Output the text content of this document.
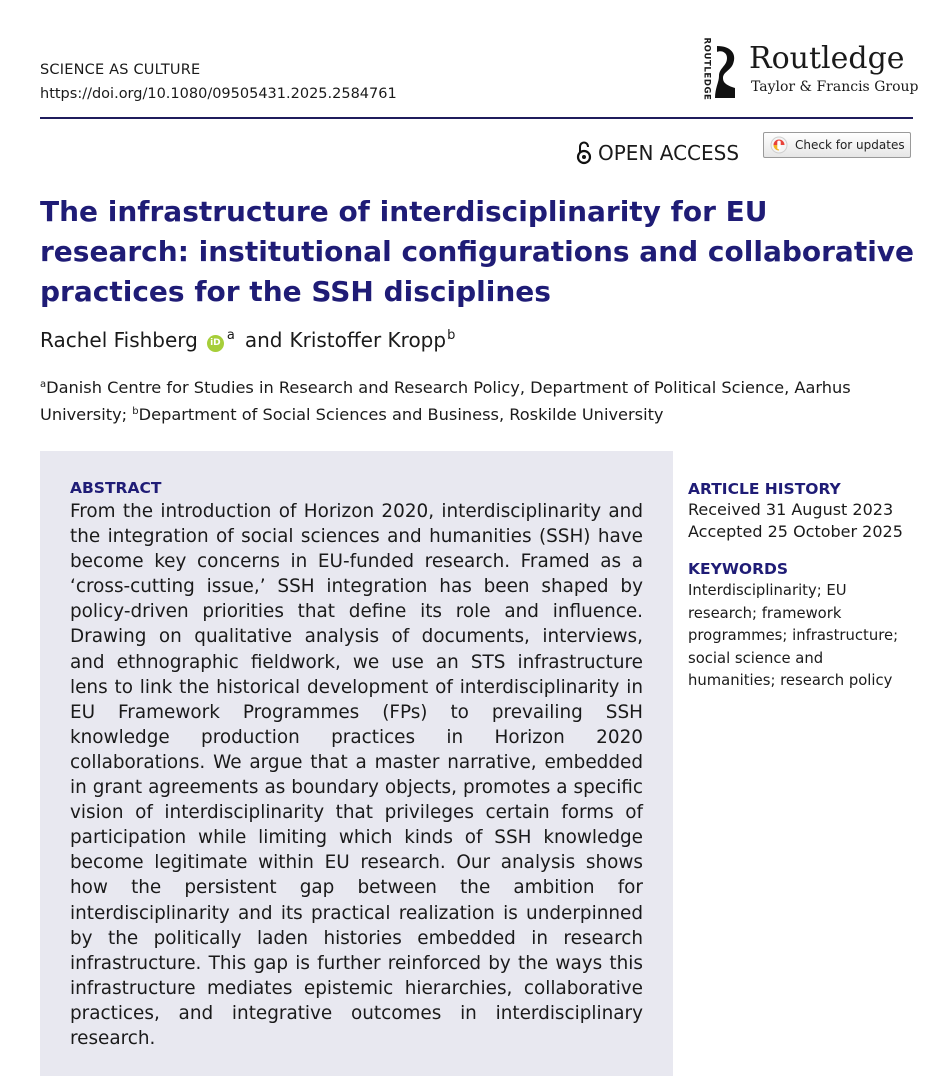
SCIENCE AS CULTURE
https://doi.org/10.1080/09505431.2025.2584761	ROUTLEDGE Routledge
Taylor & Francis Group
OPEN ACCESS	Check for updates
The infrastructure of interdisciplinarity for EU research: institutional configurations and collaborative practices for the SSH disciplines
Rachel Fishberg	iD a and Kristoffer Kropp b
$^a$Danish Centre for Studies in Research and Research Policy, Department of Political Science, Aarhus University; $^b$Department of Social Sciences and Business, Roskilde University
ABSTRACT

From the introduction of Horizon 2020, interdisciplinarity and the integration of social sciences and humanities (SSH) have become key concerns in EU-funded research. Framed as a ‘cross-cutting issue,’ SSH integration has been shaped by policy-driven priorities that define its role and influence. Drawing on qualitative analysis of documents, interviews, and ethnographic fieldwork, we use an STS infrastructure lens to link the historical development of interdisciplinarity in EU Framework Programmes (FPs) to prevailing SSH knowledge production practices in Horizon 2020 collaborations. We argue that a master narrative, embedded in grant agreements as boundary objects, promotes a specific vision of interdisciplinarity that privileges certain forms of participation while limiting which kinds of SSH knowledge become legitimate within EU research. Our analysis shows how the persistent gap between the ambition for interdisciplinarity and its practical realization is underpinned by the politically laden histories embedded in research infrastructure. This gap is further reinforced by the ways this infrastructure mediates epistemic hierarchies, collaborative practices, and integrative outcomes in interdisciplinary research.

ARTICLE HISTORY
Received 31 August 2023
Accepted 25 October 2025
KEYWORDS
Interdisciplinarity; EU research; framework programmes; infrastructure; social science and humanities; research policy
